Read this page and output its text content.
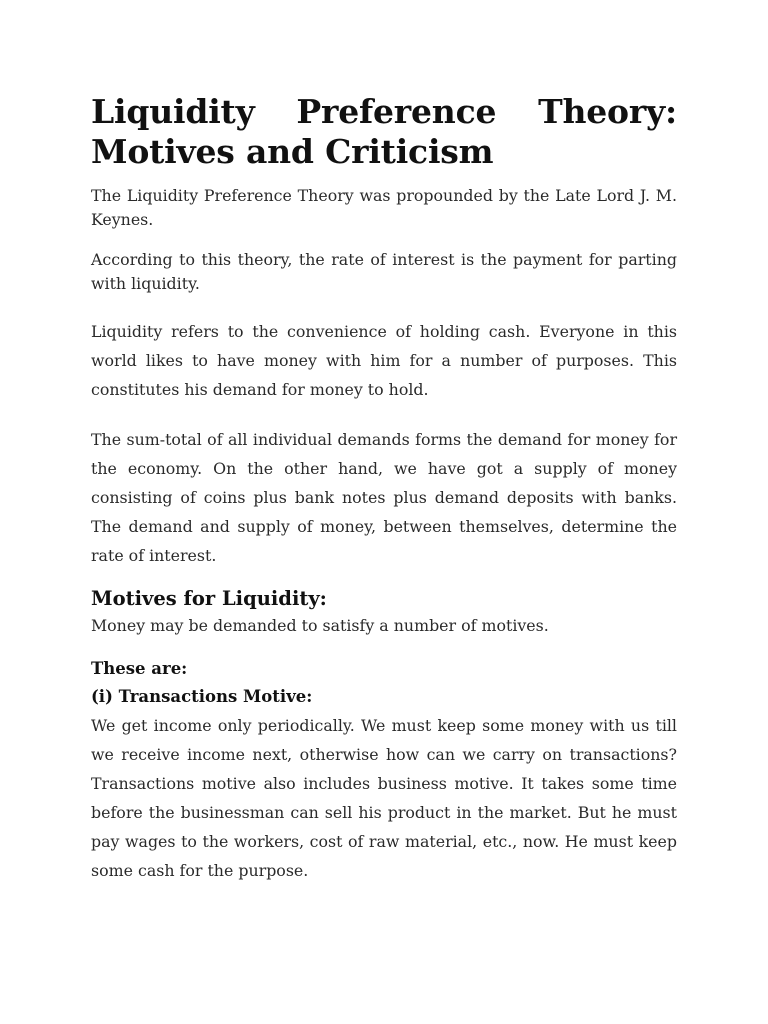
Liquidity Preference Theory:
Motives and Criticism

The Liquidity Preference Theory was propounded by the Late Lord J. M. Keynes.

According to this theory, the rate of interest is the payment for parting with liquidity.

Liquidity refers to the convenience of holding cash. Everyone in this world likes to have money with him for a number of purposes. This constitutes his demand for money to hold.

The sum-total of all individual demands forms the demand for money for the economy. On the other hand, we have got a supply of money consisting of coins plus bank notes plus demand deposits with banks. The demand and supply of money, between themselves, determine the rate of interest.

Motives for Liquidity:

Money may be demanded to satisfy a number of motives.

These are:
(i) Transactions Motive:

We get income only periodically. We must keep some money with us till we receive income next, otherwise how can we carry on transactions? Transactions motive also includes business motive. It takes some time before the businessman can sell his product in the market. But he must pay wages to the workers, cost of raw material, etc., now. He must keep some cash for the purpose.
